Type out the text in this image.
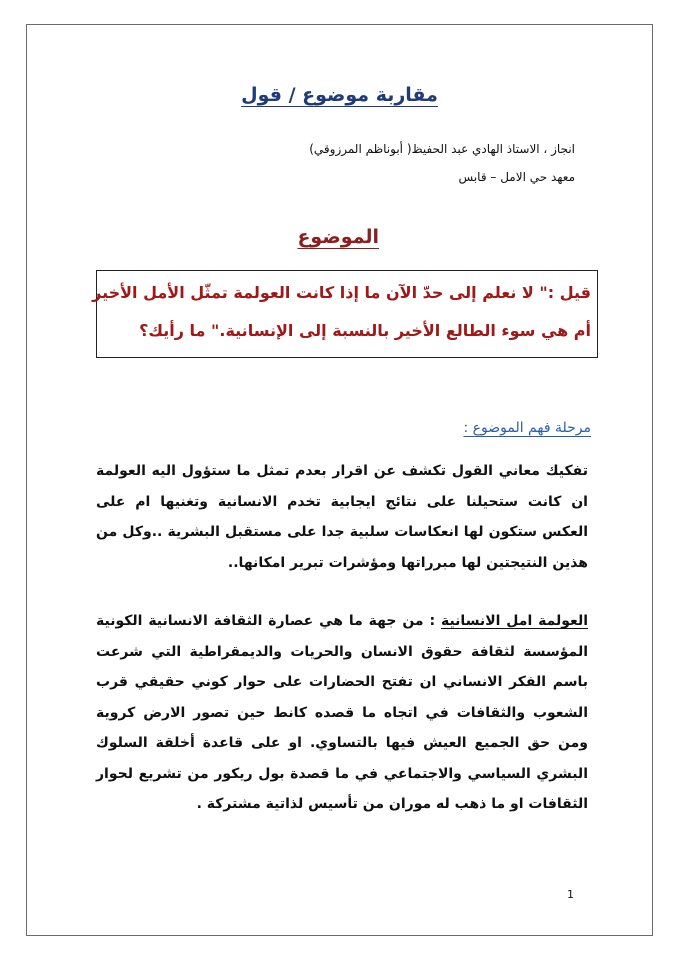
مقاربة موضوع / قول
انجاز ، الاستاذ الهادي عبد الحفيظ( أبوناظم المرزوقي)
معهد حي الامل – قابس
الموضوع
قيل :" لا نعلم إلى حدّ الآن ما إذا كانت العولمة تمثّل الأمل الأخير
أم هي سوء الطالع الأخير بالنسبة إلى الإنسانية." ما رأيك؟
مرحلة فهم الموضوع :
تفكيك معاني القول تكشف عن اقرار بعدم تمثل ما ستؤول اليه العولمة ان كانت ستحيلنا على نتائج ايجابية تخدم الانسانية وتغنيها ام على العكس ستكون لها انعكاسات سلبية جدا على مستقبل البشرية ..وكل من هذين النتيجتين لها مبرراتها ومؤشرات تبرير امكانها..
العولمة امل الانسانية : من جهة ما هي عصارة الثقافة الانسانية الكونية المؤسسة لثقافة حقوق الانسان والحريات والديمقراطية التي شرعت باسم الفكر الانساني ان تفتح الحضارات على حوار كوني حقيقي قرب الشعوب والثقافات في اتجاه ما قصده كانط حين تصور الارض كروية ومن حق الجميع العيش فيها بالتساوي. او على قاعدة أخلقة السلوك البشري السياسي والاجتماعي في ما قصدة بول ريكور من تشريع لحوار الثقافات او ما ذهب له موران من تأسيس لذاتية مشتركة .
1
